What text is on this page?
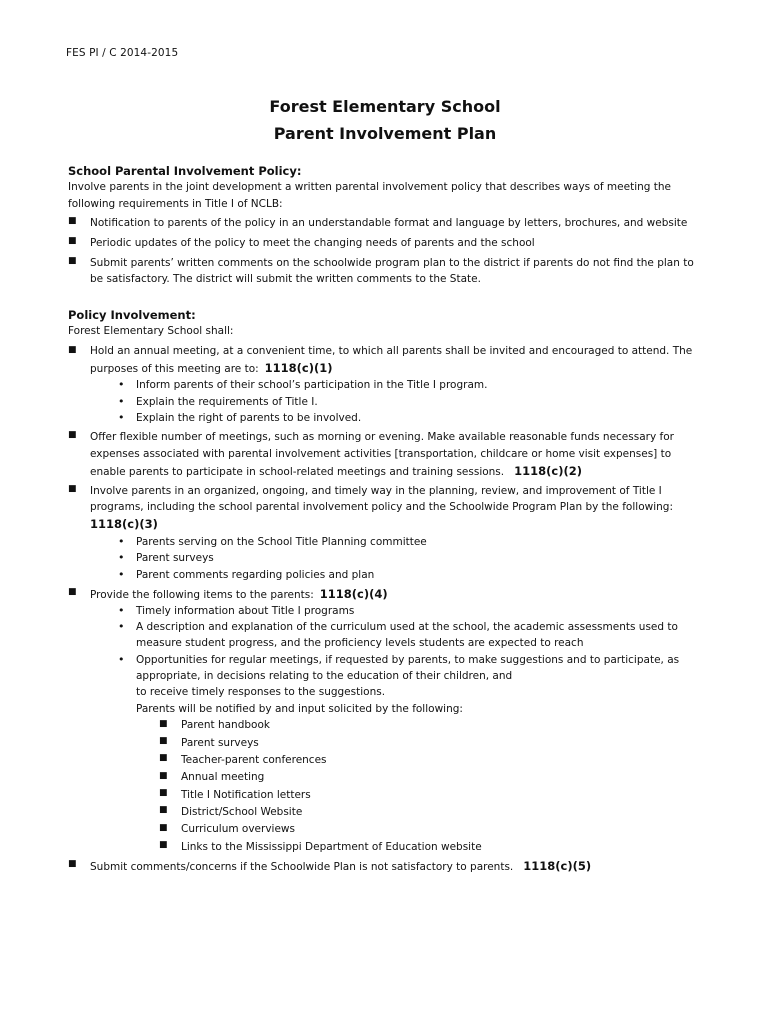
FES PI / C 2014-2015
Forest Elementary School
Parent Involvement Plan
School Parental Involvement Policy:
Involve parents in the joint development a written parental involvement policy that describes ways of meeting the
following requirements in Title I of NCLB:
■ Notification to parents of the policy in an understandable format and language by letters, brochures, and website
■ Periodic updates of the policy to meet the changing needs of parents and the school
■ Submit parents’ written comments on the schoolwide program plan to the district if parents do not find the plan to
be satisfactory. The district will submit the written comments to the State.
Policy Involvement:
Forest Elementary School shall:
■ Hold an annual meeting, at a convenient time, to which all parents shall be invited and encouraged to attend. The
purposes of this meeting are to: 1118(c)(1)
• Inform parents of their school’s participation in the Title I program.
• Explain the requirements of Title I.
• Explain the right of parents to be involved.
■ Offer flexible number of meetings, such as morning or evening. Make available reasonable funds necessary for
expenses associated with parental involvement activities [transportation, childcare or home visit expenses] to
enable parents to participate in school-related meetings and training sessions. 1118(c)(2)
■ Involve parents in an organized, ongoing, and timely way in the planning, review, and improvement of Title I
programs, including the school parental involvement policy and the Schoolwide Program Plan by the following:
1118(c)(3)
• Parents serving on the School Title Planning committee
• Parent surveys
• Parent comments regarding policies and plan
■ Provide the following items to the parents: 1118(c)(4)
• Timely information about Title I programs
• A description and explanation of the curriculum used at the school, the academic assessments used to
measure student progress, and the proficiency levels students are expected to reach
• Opportunities for regular meetings, if requested by parents, to make suggestions and to participate, as
appropriate, in decisions relating to the education of their children, and
to receive timely responses to the suggestions.
Parents will be notified by and input solicited by the following:
■ Parent handbook
■ Parent surveys
■ Teacher-parent conferences
■ Annual meeting
■ Title I Notification letters
■ District/School Website
■ Curriculum overviews
■ Links to the Mississippi Department of Education website
■ Submit comments/concerns if the Schoolwide Plan is not satisfactory to parents. 1118(c)(5)
